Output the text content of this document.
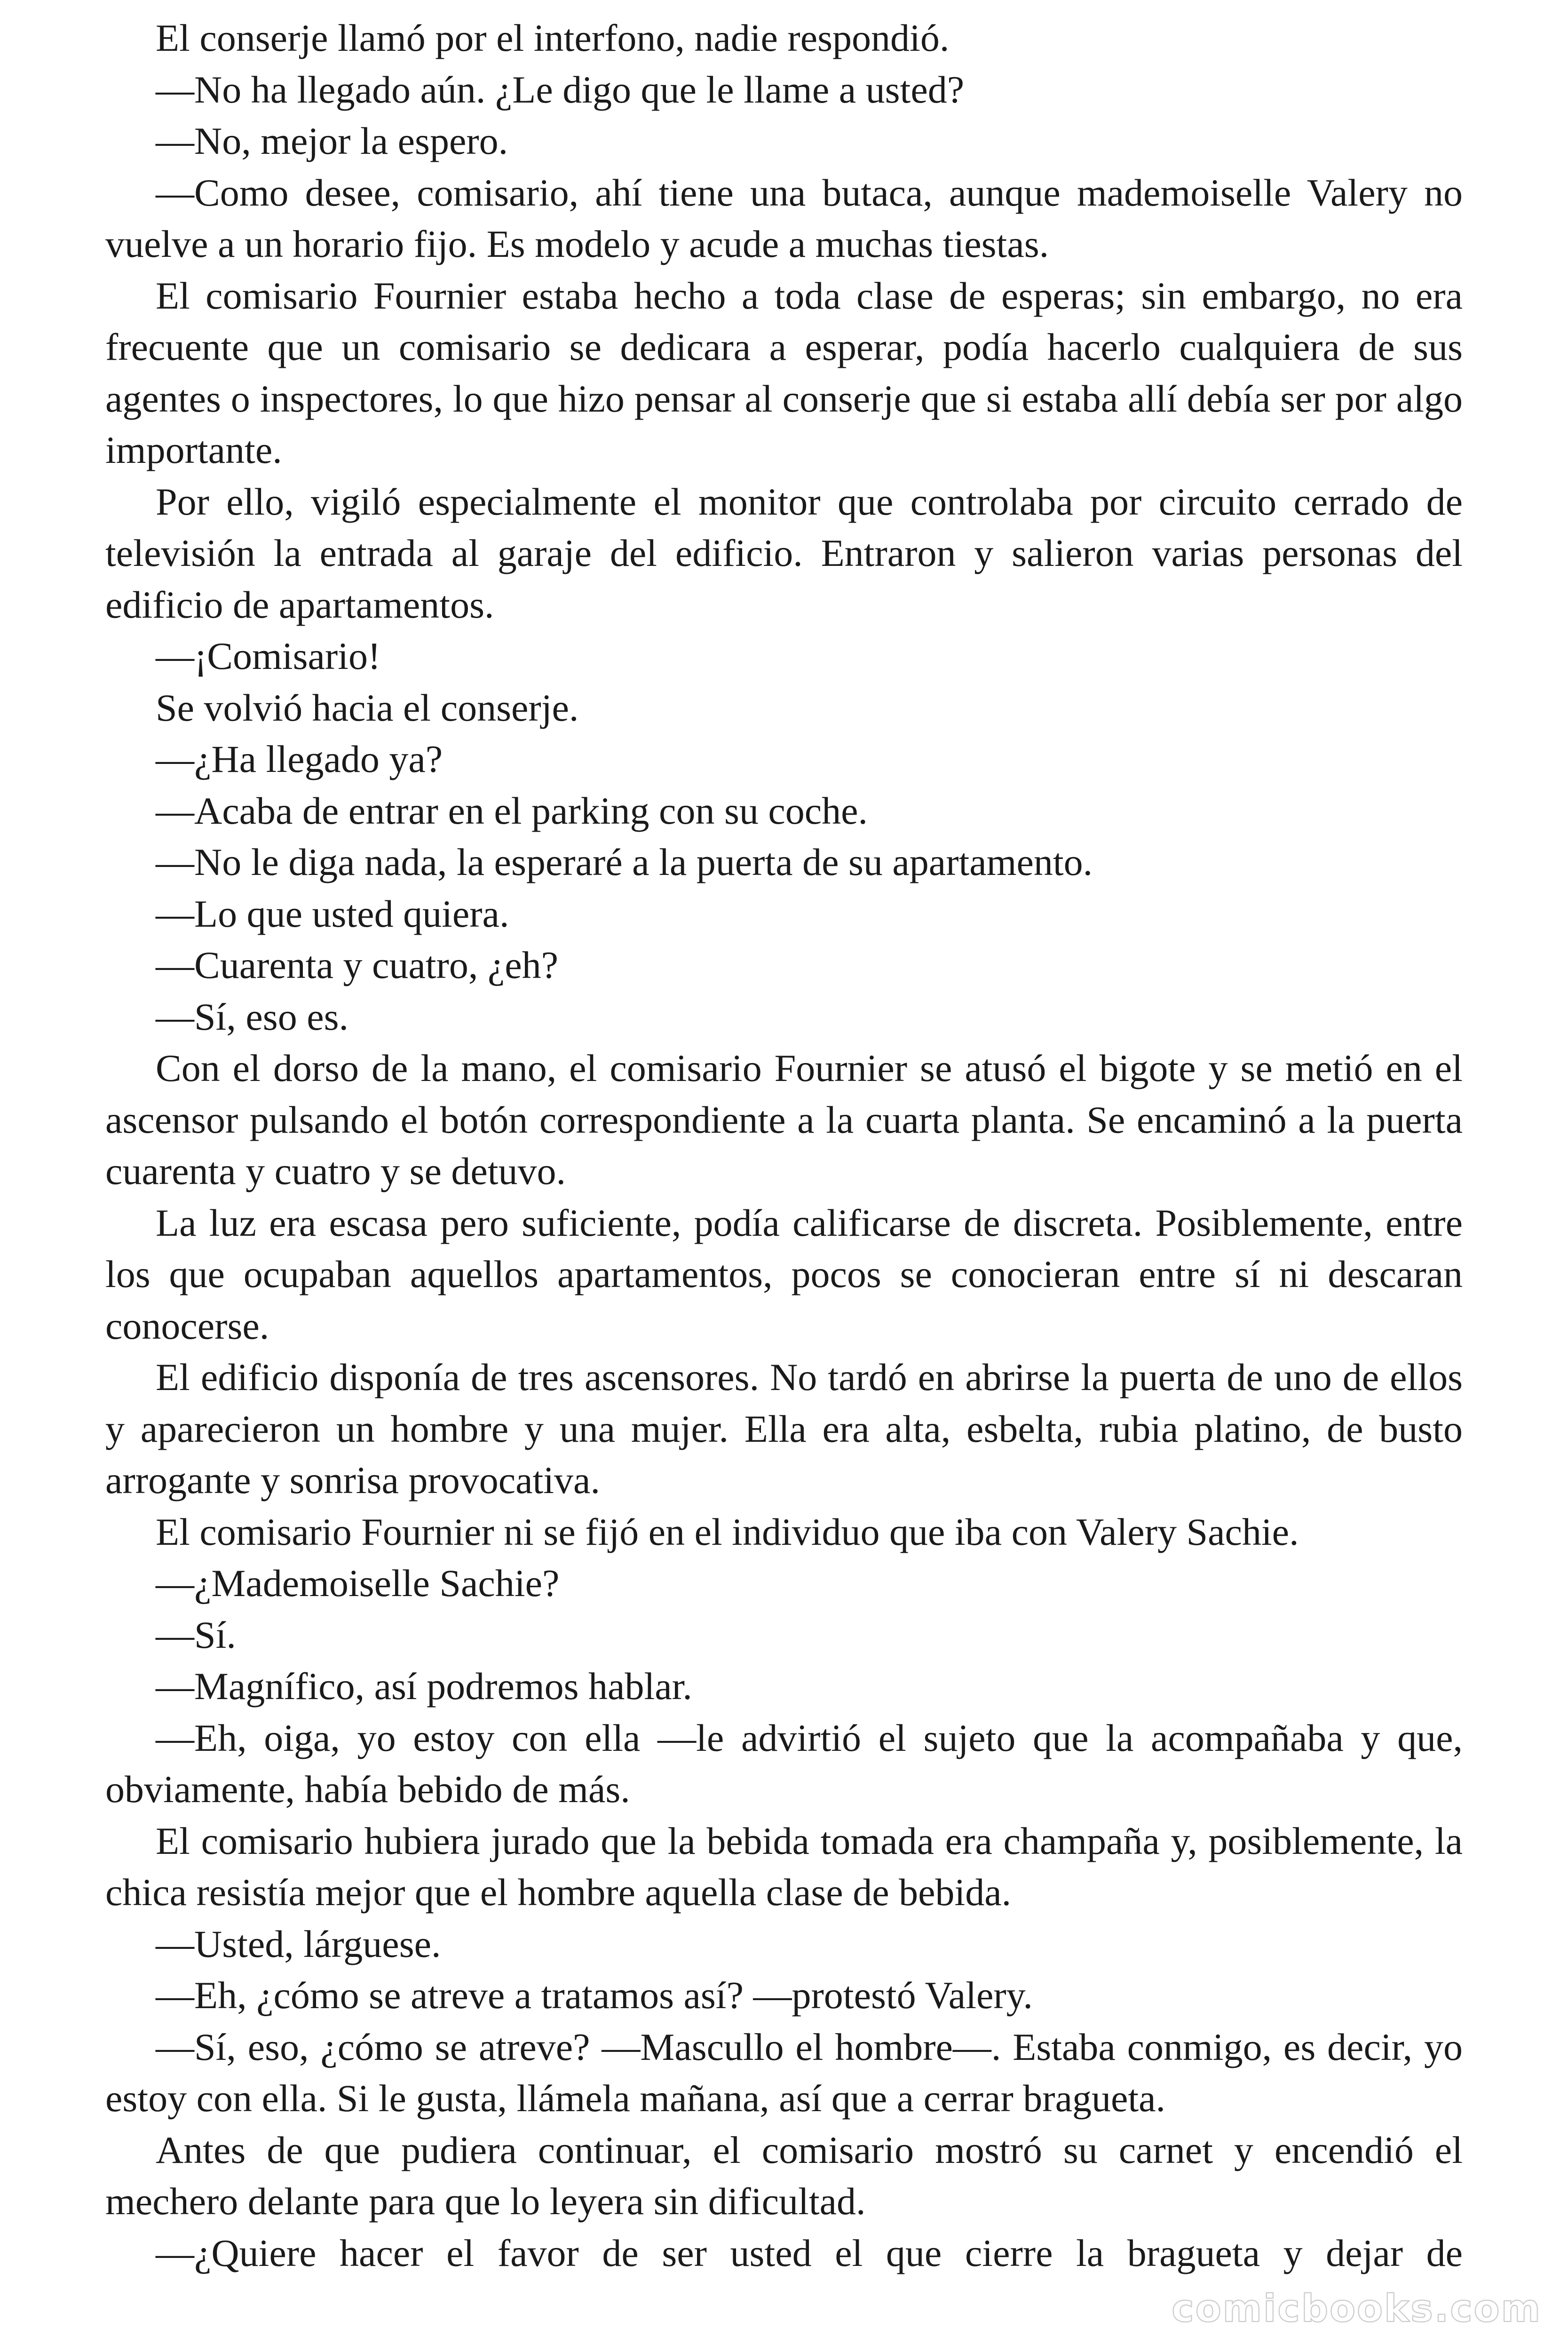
El conserje llamó por el interfono, nadie respondió.

—No ha llegado aún. ¿Le digo que le llame a usted?

—No, mejor la espero.

—Como desee, comisario, ahí tiene una butaca, aunque mademoiselle Valery no vuelve a un horario fijo. Es modelo y acude a muchas tiestas.

El comisario Fournier estaba hecho a toda clase de esperas; sin embargo, no era frecuente que un comisario se dedicara a esperar, podía hacerlo cualquiera de sus agentes o inspectores, lo que hizo pensar al conserje que si estaba allí debía ser por algo importante.

Por ello, vigiló especialmente el monitor que controlaba por circuito cerrado de televisión la entrada al garaje del edificio. Entraron y salieron varias personas del edificio de apartamentos.

—¡Comisario!

Se volvió hacia el conserje.

—¿Ha llegado ya?

—Acaba de entrar en el parking con su coche.

—No le diga nada, la esperaré a la puerta de su apartamento.

—Lo que usted quiera.

—Cuarenta y cuatro, ¿eh?

—Sí, eso es.

Con el dorso de la mano, el comisario Fournier se atusó el bigote y se metió en el ascensor pulsando el botón correspondiente a la cuarta planta. Se encaminó a la puerta cuarenta y cuatro y se detuvo.

La luz era escasa pero suficiente, podía calificarse de discreta. Posiblemente, entre los que ocupaban aquellos apartamentos, pocos se conocieran entre sí ni descaran conocerse.

El edificio disponía de tres ascensores. No tardó en abrirse la puerta de uno de ellos y aparecieron un hombre y una mujer. Ella era alta, esbelta, rubia platino, de busto arrogante y sonrisa provocativa.

El comisario Fournier ni se fijó en el individuo que iba con Valery Sachie.

—¿Mademoiselle Sachie?

—Sí.

—Magnífico, así podremos hablar.

—Eh, oiga, yo estoy con ella —le advirtió el sujeto que la acompañaba y que, obviamente, había bebido de más.

El comisario hubiera jurado que la bebida tomada era champaña y, posiblemente, la chica resistía mejor que el hombre aquella clase de bebida.

—Usted, lárguese.

—Eh, ¿cómo se atreve a tratamos así? —protestó Valery.

—Sí, eso, ¿cómo se atreve? —Mascullo el hombre—. Estaba conmigo, es decir, yo estoy con ella. Si le gusta, llámela mañana, así que a cerrar bragueta.

Antes de que pudiera continuar, el comisario mostró su carnet y encendió el mechero delante para que lo leyera sin dificultad.

—¿Quiere hacer el favor de ser usted el que cierre la bragueta y dejar de

comicbooks.com
